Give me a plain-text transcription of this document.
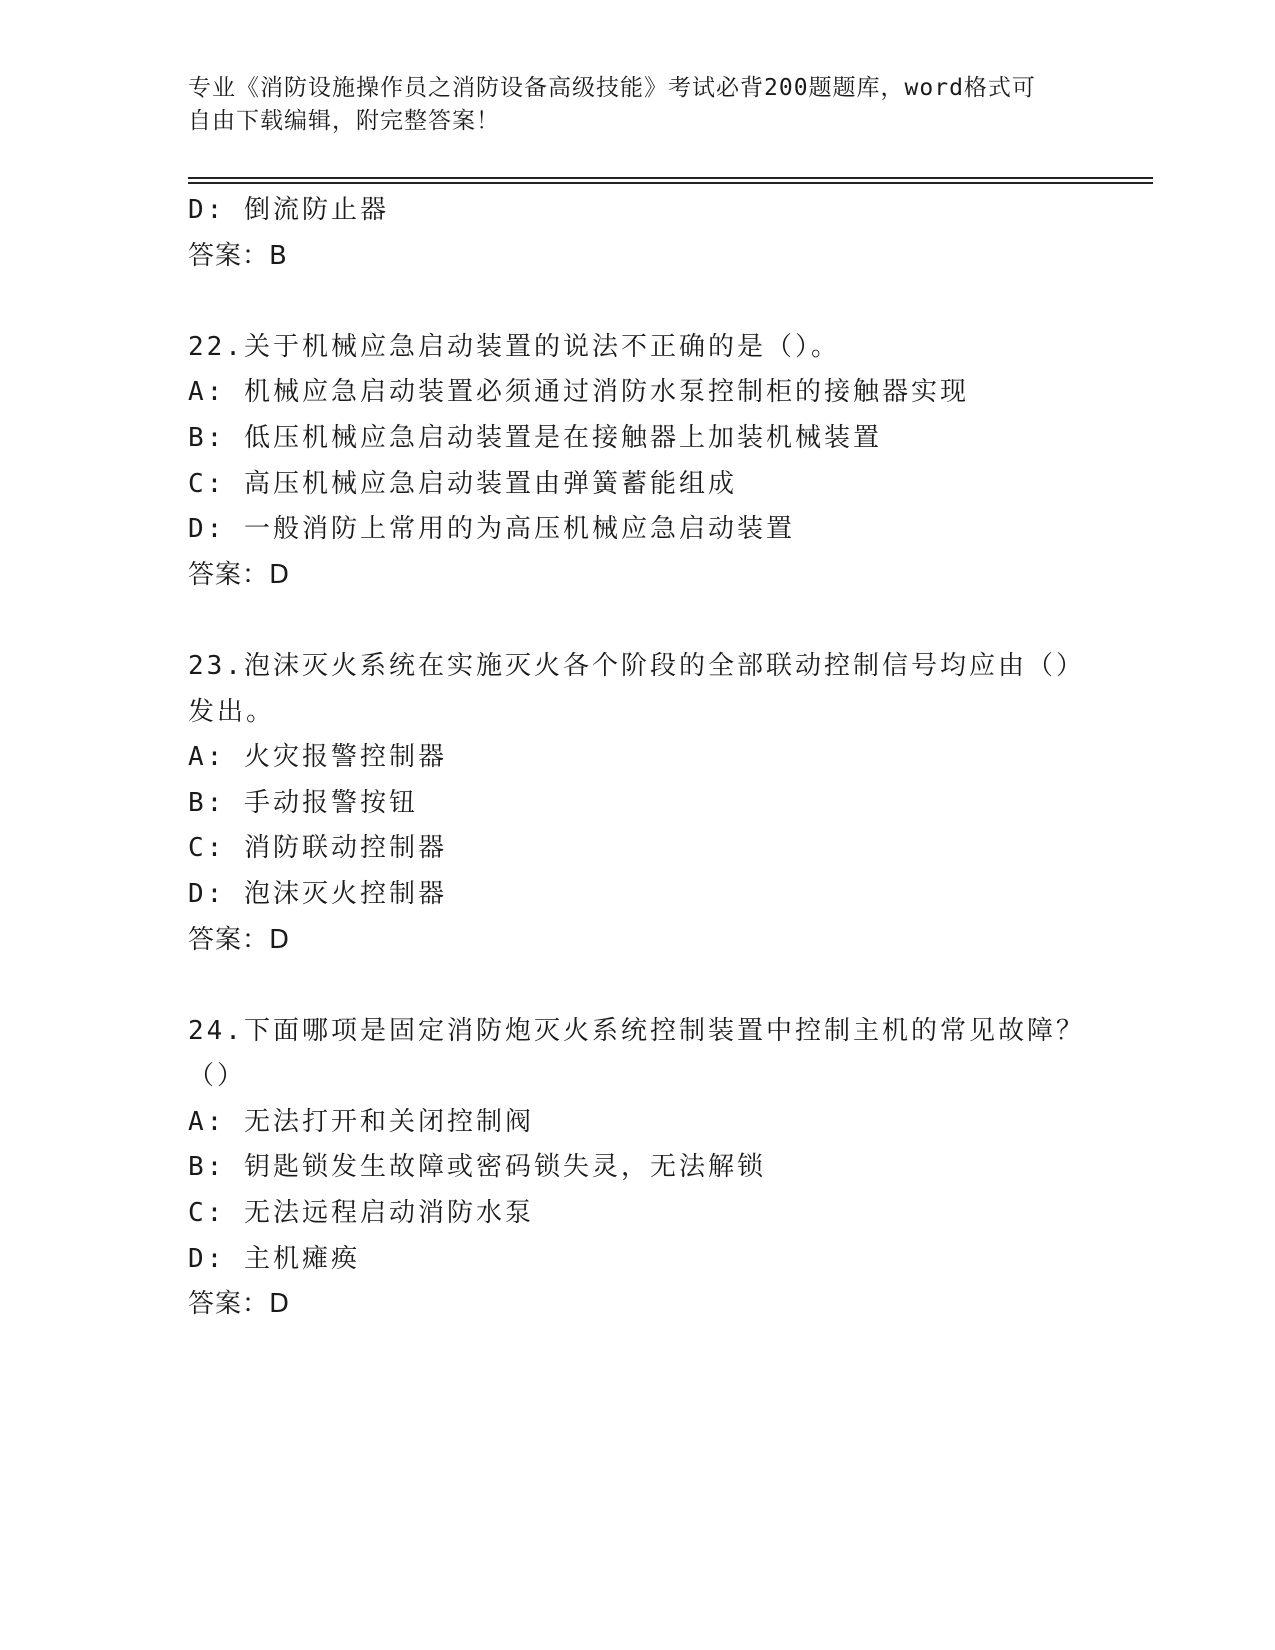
专业《消防设施操作员之消防设备高级技能》考试必背200题题库，word格式可
自由下载编辑，附完整答案！
D: 倒流防止器
答案：B
22.关于机械应急启动装置的说法不正确的是（）。
A: 机械应急启动装置必须通过消防水泵控制柜的接触器实现
B: 低压机械应急启动装置是在接触器上加装机械装置
C: 高压机械应急启动装置由弹簧蓄能组成
D: 一般消防上常用的为高压机械应急启动装置
答案：D
23.泡沫灭火系统在实施灭火各个阶段的全部联动控制信号均应由（）
发出。
A: 火灾报警控制器
B: 手动报警按钮
C: 消防联动控制器
D: 泡沫灭火控制器
答案：D
24.下面哪项是固定消防炮灭火系统控制装置中控制主机的常见故障？
（）
A: 无法打开和关闭控制阀
B: 钥匙锁发生故障或密码锁失灵，无法解锁
C: 无法远程启动消防水泵
D: 主机瘫痪
答案：D
